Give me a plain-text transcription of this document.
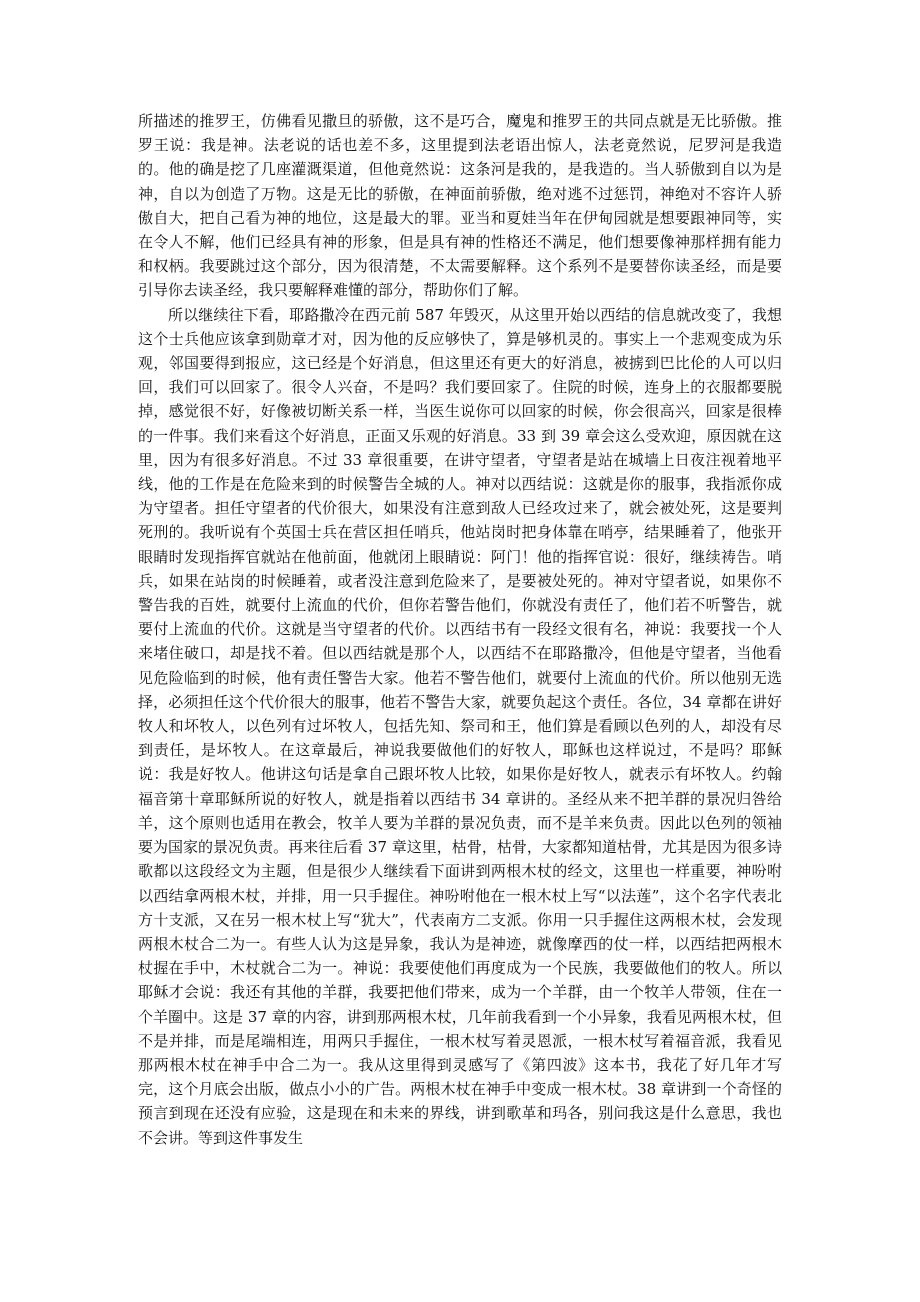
所描述的推罗王，仿佛看见撒旦的骄傲，这不是巧合，魔鬼和推罗王的共同点就是无比骄傲。推罗王说：我是神。法老说的话也差不多，这里提到法老语出惊人，法老竟然说，尼罗河是我造的。他的确是挖了几座灌溉渠道，但他竟然说：这条河是我的，是我造的。当人骄傲到自以为是神，自以为创造了万物。这是无比的骄傲，在神面前骄傲，绝对逃不过惩罚，神绝对不容许人骄傲自大，把自己看为神的地位，这是最大的罪。亚当和夏娃当年在伊甸园就是想要跟神同等，实在令人不解，他们已经具有神的形象，但是具有神的性格还不满足，他们想要像神那样拥有能力和权柄。我要跳过这个部分，因为很清楚，不太需要解释。这个系列不是要替你读圣经，而是要引导你去读圣经，我只要解释难懂的部分，帮助你们了解。

所以继续往下看，耶路撒冷在西元前 587 年毁灭，从这里开始以西结的信息就改变了，我想这个士兵他应该拿到勋章才对，因为他的反应够快了，算是够机灵的。事实上一个悲观变成为乐观，邻国要得到报应，这已经是个好消息，但这里还有更大的好消息，被掳到巴比伦的人可以归回，我们可以回家了。很令人兴奋，不是吗？我们要回家了。住院的时候，连身上的衣服都要脱掉，感觉很不好，好像被切断关系一样，当医生说你可以回家的时候，你会很高兴，回家是很棒的一件事。我们来看这个好消息，正面又乐观的好消息。33 到 39 章会这么受欢迎，原因就在这里，因为有很多好消息。不过 33 章很重要，在讲守望者，守望者是站在城墙上日夜注视着地平线，他的工作是在危险来到的时候警告全城的人。神对以西结说：这就是你的服事，我指派你成为守望者。担任守望者的代价很大，如果没有注意到敌人已经攻过来了，就会被处死，这是要判死刑的。我听说有个英国士兵在营区担任哨兵，他站岗时把身体靠在哨亭，结果睡着了，他张开眼睛时发现指挥官就站在他前面，他就闭上眼睛说：阿门！他的指挥官说：很好，继续祷告。哨兵，如果在站岗的时候睡着，或者没注意到危险来了，是要被处死的。神对守望者说，如果你不警告我的百姓，就要付上流血的代价，但你若警告他们，你就没有责任了，他们若不听警告，就要付上流血的代价。这就是当守望者的代价。以西结书有一段经文很有名，神说：我要找一个人来堵住破口，却是找不着。但以西结就是那个人，以西结不在耶路撒冷，但他是守望者，当他看见危险临到的时候，他有责任警告大家。他若不警告他们，就要付上流血的代价。所以他别无选择，必须担任这个代价很大的服事，他若不警告大家，就要负起这个责任。各位，34 章都在讲好牧人和坏牧人，以色列有过坏牧人，包括先知、祭司和王，他们算是看顾以色列的人，却没有尽到责任，是坏牧人。在这章最后，神说我要做他们的好牧人，耶稣也这样说过，不是吗？耶稣说：我是好牧人。他讲这句话是拿自己跟坏牧人比较，如果你是好牧人，就表示有坏牧人。约翰福音第十章耶稣所说的好牧人，就是指着以西结书 34 章讲的。圣经从来不把羊群的景况归咎给羊，这个原则也适用在教会，牧羊人要为羊群的景况负责，而不是羊来负责。因此以色列的领袖要为国家的景况负责。再来往后看 37 章这里，枯骨，枯骨，大家都知道枯骨，尤其是因为很多诗歌都以这段经文为主题，但是很少人继续看下面讲到两根木杖的经文，这里也一样重要，神吩咐以西结拿两根木杖，并排，用一只手握住。神吩咐他在一根木杖上写“以法莲”，这个名字代表北方十支派，又在另一根木杖上写“犹大”，代表南方二支派。你用一只手握住这两根木杖，会发现两根木杖合二为一。有些人认为这是异象，我认为是神迹，就像摩西的仗一样，以西结把两根木杖握在手中，木杖就合二为一。神说：我要使他们再度成为一个民族，我要做他们的牧人。所以耶稣才会说：我还有其他的羊群，我要把他们带来，成为一个羊群，由一个牧羊人带领，住在一个羊圈中。这是 37 章的内容，讲到那两根木杖，几年前我看到一个小异象，我看见两根木杖，但不是并排，而是尾端相连，用两只手握住，一根木杖写着灵恩派，一根木杖写着福音派，我看见那两根木杖在神手中合二为一。我从这里得到灵感写了《第四波》这本书，我花了好几年才写完，这个月底会出版，做点小小的广告。两根木杖在神手中变成一根木杖。38 章讲到一个奇怪的预言到现在还没有应验，这是现在和未来的界线，讲到歌革和玛各，别问我这是什么意思，我也不会讲。等到这件事发生
